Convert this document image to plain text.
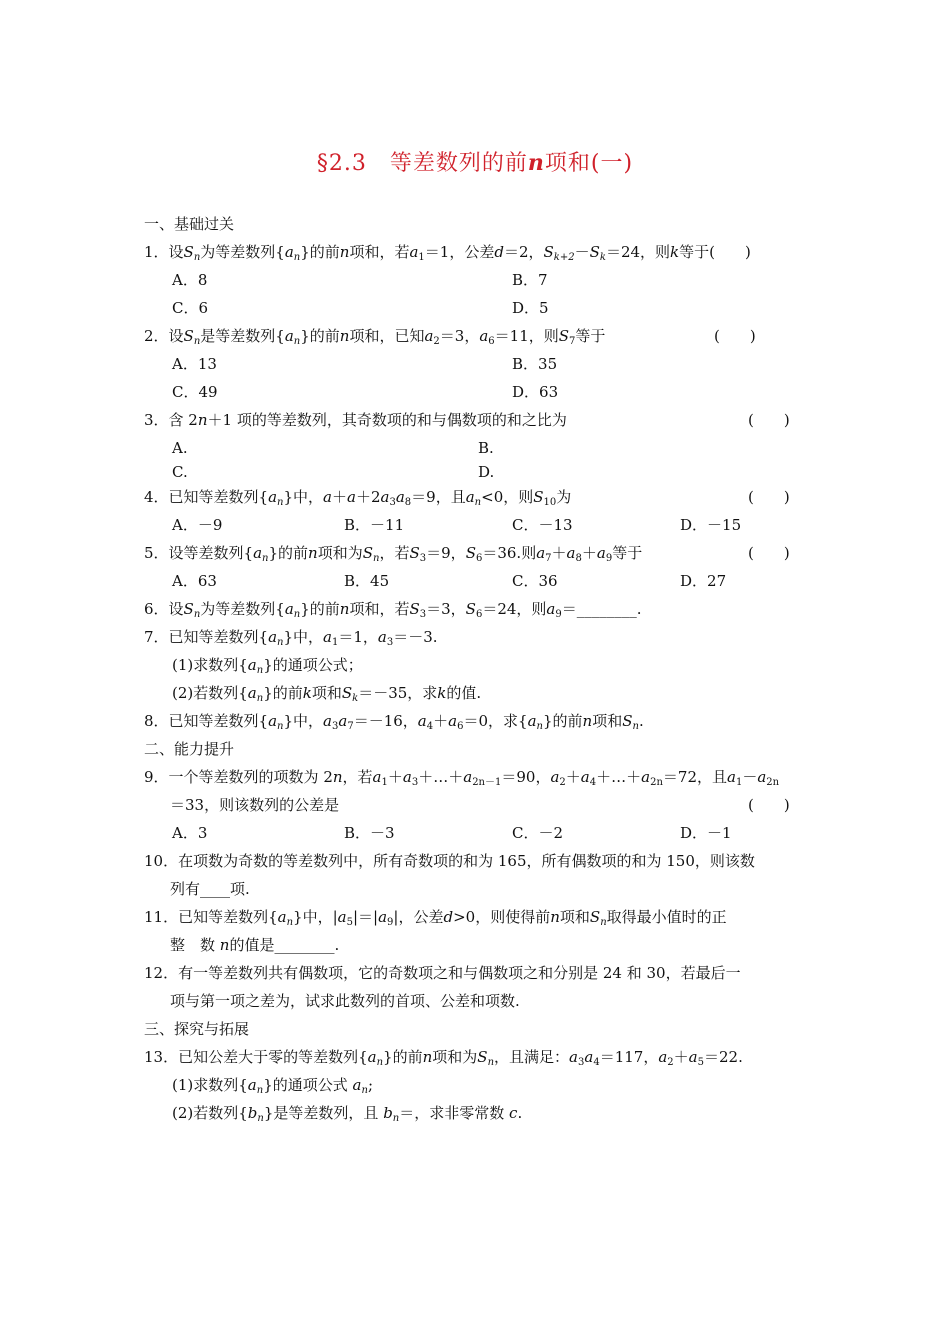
§2.3　等差数列的前n项和(一)
一、基础过关
1．设$S_n$为等差数列$\{a_n\}$的前n项和，若$a_1=1$，公差d＝2，$S_{k+2}-S_k=24$，则k等于(　　)
A．8	B．7
C．6	D．5
2．设$S_n$是等差数列$\{a_n\}$的前n项和，已知$a_2=3$，$a_6=11$，则$S_7$等于	(　　)
A．13	B．35
C．49	D．63
3．含 2n＋1 项的等差数列，其奇数项的和与偶数项的和之比为	(　　)
A.	B.
C.	D.
4．已知等差数列$\{a_n\}$中，$a+a+2a_3a_8=9$，且$a_n<0$，则$S_{10}$为	(　　)
A．－9	B．－11	C．－13	D．－15
5．设等差数列$\{a_n\}$的前n项和为$S_n$，若$S_3=9$，$S_6=36$.则$a_7+a_8+a_9$等于	(　　)
A．63	B．45	C．36	D．27
6．设$S_n$为等差数列$\{a_n\}$的前n项和，若$S_3=3$，$S_6=24$，则$a_9=\_\_\_\_\_\_\_\_$.
7．已知等差数列$\{a_n\}$中，$a_1=1$，$a_3=-3$.
(1)求数列$\{a_n\}$的通项公式；
(2)若数列$\{a_n\}$的前k项和$S_k=-35$，求k的值.
8．已知等差数列$\{a_n\}$中，$a_3a_7=-16$，$a_4+a_6=0$，求$\{a_n\}$的前n项和$S_n$.
二、能力提升
9．一个等差数列的项数为 2n，若$a_1+a_3+\dots+a_{2n-1}=90$，$a_2+a_4+\dots+a_{2n}=72$，且$a_1-a_{2n}$
＝33，则该数列的公差是	(　　)
A．3	B．－3	C．－2	D．－1
10．在项数为奇数的等差数列中，所有奇数项的和为 165，所有偶数项的和为 150，则该数
列有____项.
11．已知等差数列$\{a_n\}$中，$|a_5|=|a_9|$，公差d>0，则使得前n项和$S_n$取得最小值时的正
整　数 n的值是________.
12．有一等差数列共有偶数项，它的奇数项之和与偶数项之和分别是 24 和 30，若最后一
项与第一项之差为，试求此数列的首项、公差和项数.
三、探究与拓展
13．已知公差大于零的等差数列$\{a_n\}$的前n项和为$S_n$，且满足：$a_3a_4=117$，$a_2+a_5=22$.
(1)求数列$\{a_n\}$的通项公式 $a_n$;
(2)若数列$\{b_n\}$是等差数列，且 $b_n=$，求非零常数 c.
